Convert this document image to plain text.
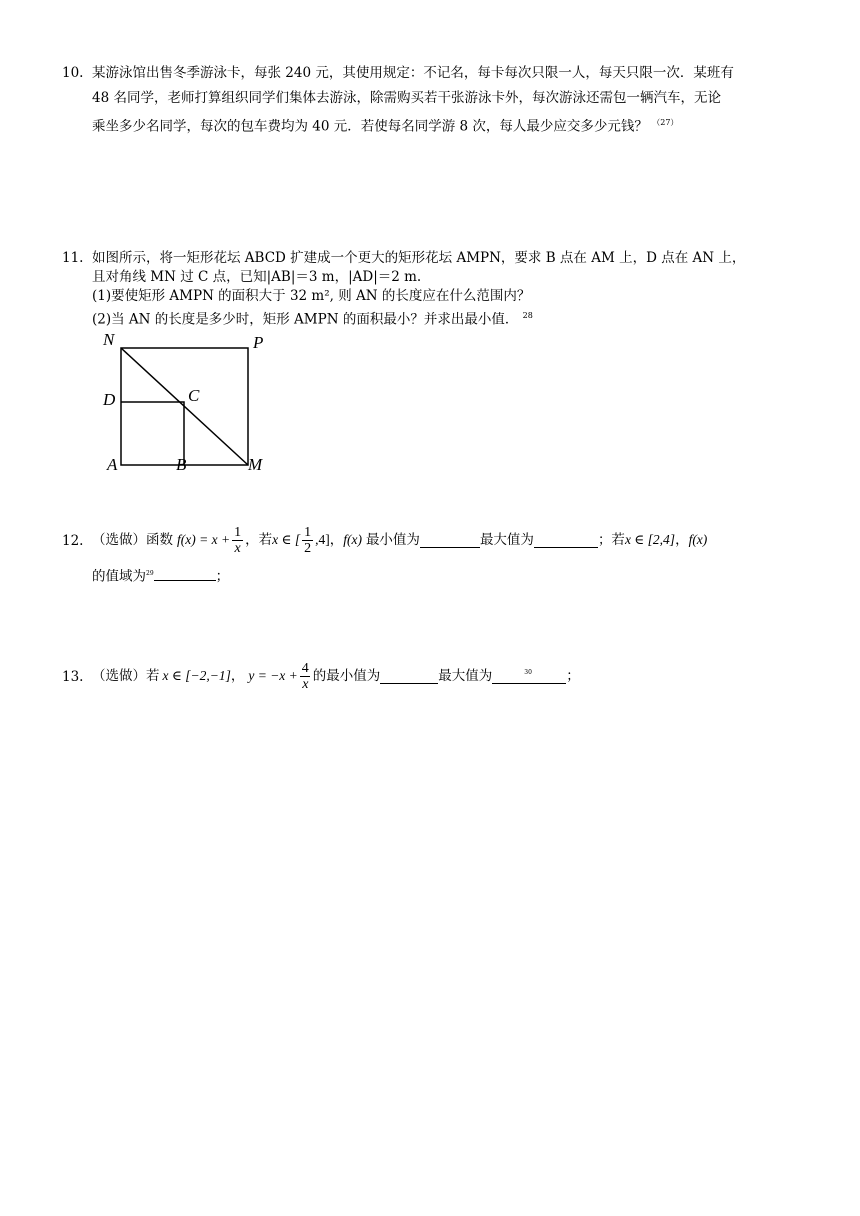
10. 某游泳馆出售冬季游泳卡，每张 240 元，其使用规定：不记名，每卡每次只限一人，每天只限一次．某班有
48 名同学，老师打算组织同学们集体去游泳，除需购买若干张游泳卡外，每次游泳还需包一辆汽车，无论
乘坐多少名同学，每次的包车费均为 40 元．若使每名同学游 8 次，每人最少应交多少元钱？ $^{(27)}$
11. 如图所示，将一矩形花坛 ABCD 扩建成一个更大的矩形花坛 AMPN，要求 B 点在 AM 上，D 点在 AN 上，
且对角线 MN 过 C 点，已知|AB|＝3 m，|AD|＝2 m.
(1)要使矩形 AMPN 的面积大于 32 m², 则 AN 的长度应在什么范围内？
(2)当 AN 的长度是多少时，矩形 AMPN 的面积最小？并求出最小值． $^{28}$
N	P
D	C
A	B	M
12. （选做）函数 $f(x) = x + \frac{1}{x}$ ，若 x ∈ [ $\frac{1}{2} ,4$] ， f(x) 最小值为	最大值为	；若 x ∈ [2,4] ， f(x)
的值域为$^{29}$	；
13. （选做）若 x ∈ [−2,−1] ， $y = -x + \frac{4}{x}$ 的最小值为	最大值为	30	；
